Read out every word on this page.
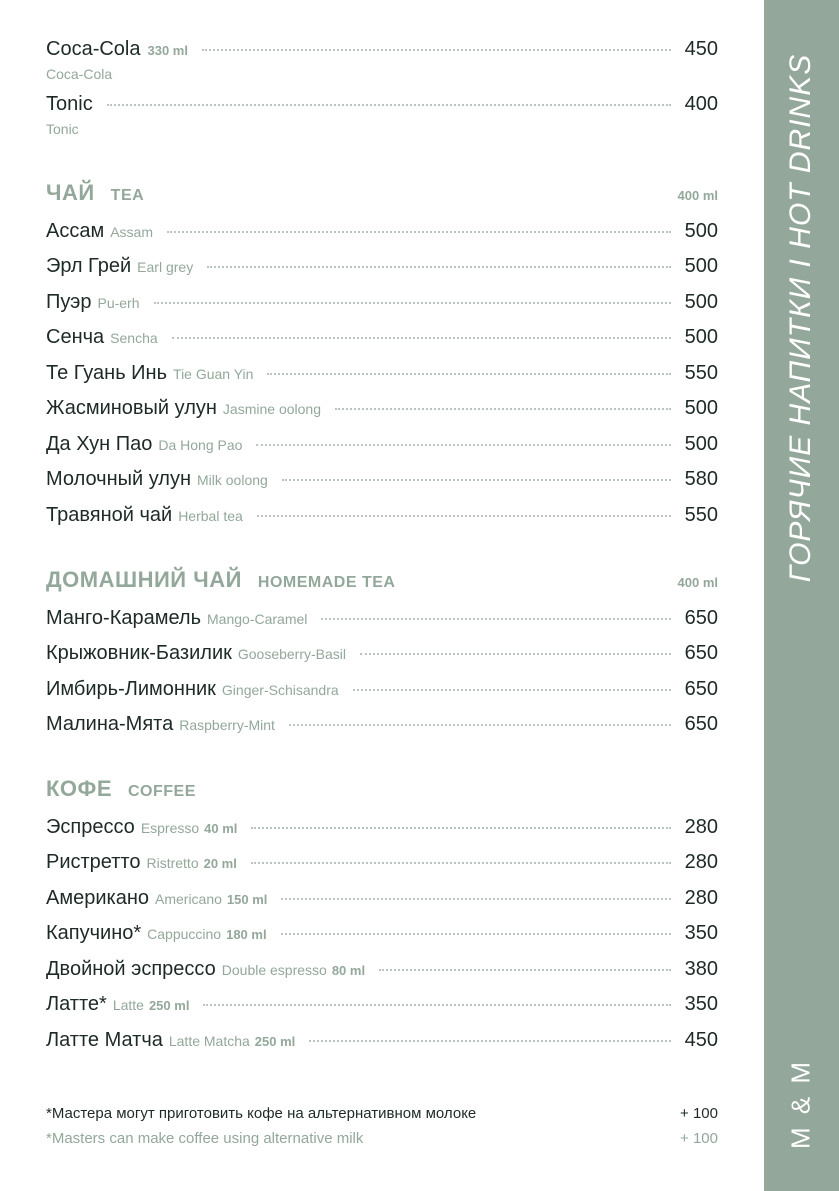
Coca-Cola 330 ml	450
Coca-Cola
Tonic	400
Tonic
ЧАЙ TEA	400 ml
Ассам Assam	500
Эрл Грей Earl grey	500
Пуэр Pu-erh	500
Сенча Sencha	500
Те Гуань Инь Tie Guan Yin	550
Жасминовый улун Jasmine oolong	500
Да Хун Пао Da Hong Pao	500
Молочный улун Milk oolong	580
Травяной чай Herbal tea	550
ДОМАШНИЙ ЧАЙ HOMEMADE TEA	400 ml
Манго-Карамель Mango-Caramel	650
Крыжовник-Базилик Gooseberry-Basil	650
Имбирь-Лимонник Ginger-Schisandra	650
Малина-Мята Raspberry-Mint	650
КОФЕ COFFEE
Эспрессо Espresso 40 ml	280
Ристретто Ristretto 20 ml	280
Американо Americano 150 ml	280
Капучино* Cappuccino 180 ml	350
Двойной эспрессо Double espresso 80 ml	380
Латте* Latte 250 ml	350
Латте Матча Latte Matcha 250 ml	450
*Мастера могут приготовить кофе на альтернативном молоке	+ 100
*Masters can make coffee using alternative milk	+ 100
ГОРЯЧИЕ НАПИТКИ I HOT DRINKS
M & M
